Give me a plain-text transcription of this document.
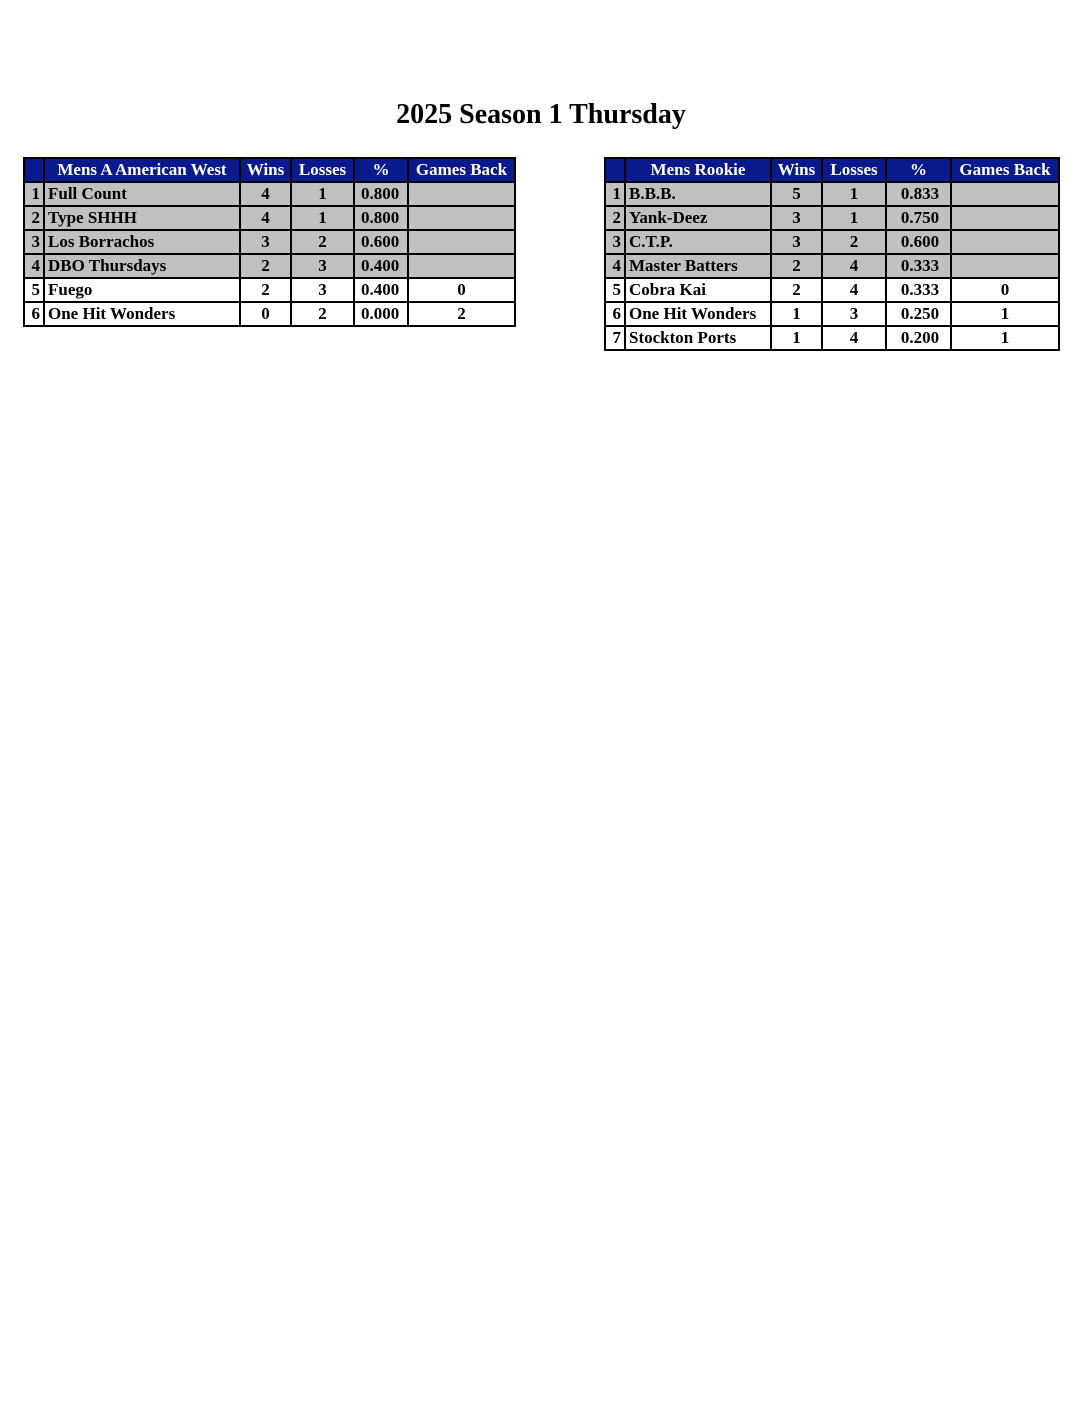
2025 Season 1 Thursday
	Mens A American West	Wins	Losses	%	Games Back
1	Full Count	4	1	0.800	
2	Type SHHH	4	1	0.800	
3	Los Borrachos	3	2	0.600	
4	DBO Thursdays	2	3	0.400	
5	Fuego	2	3	0.400	0
6	One Hit Wonders	0	2	0.000	2
	Mens Rookie	Wins	Losses	%	Games Back
1	B.B.B.	5	1	0.833	
2	Yank-Deez	3	1	0.750	
3	C.T.P.	3	2	0.600	
4	Master Batters	2	4	0.333	
5	Cobra Kai	2	4	0.333	0
6	One Hit Wonders	1	3	0.250	1
7	Stockton Ports	1	4	0.200	1
